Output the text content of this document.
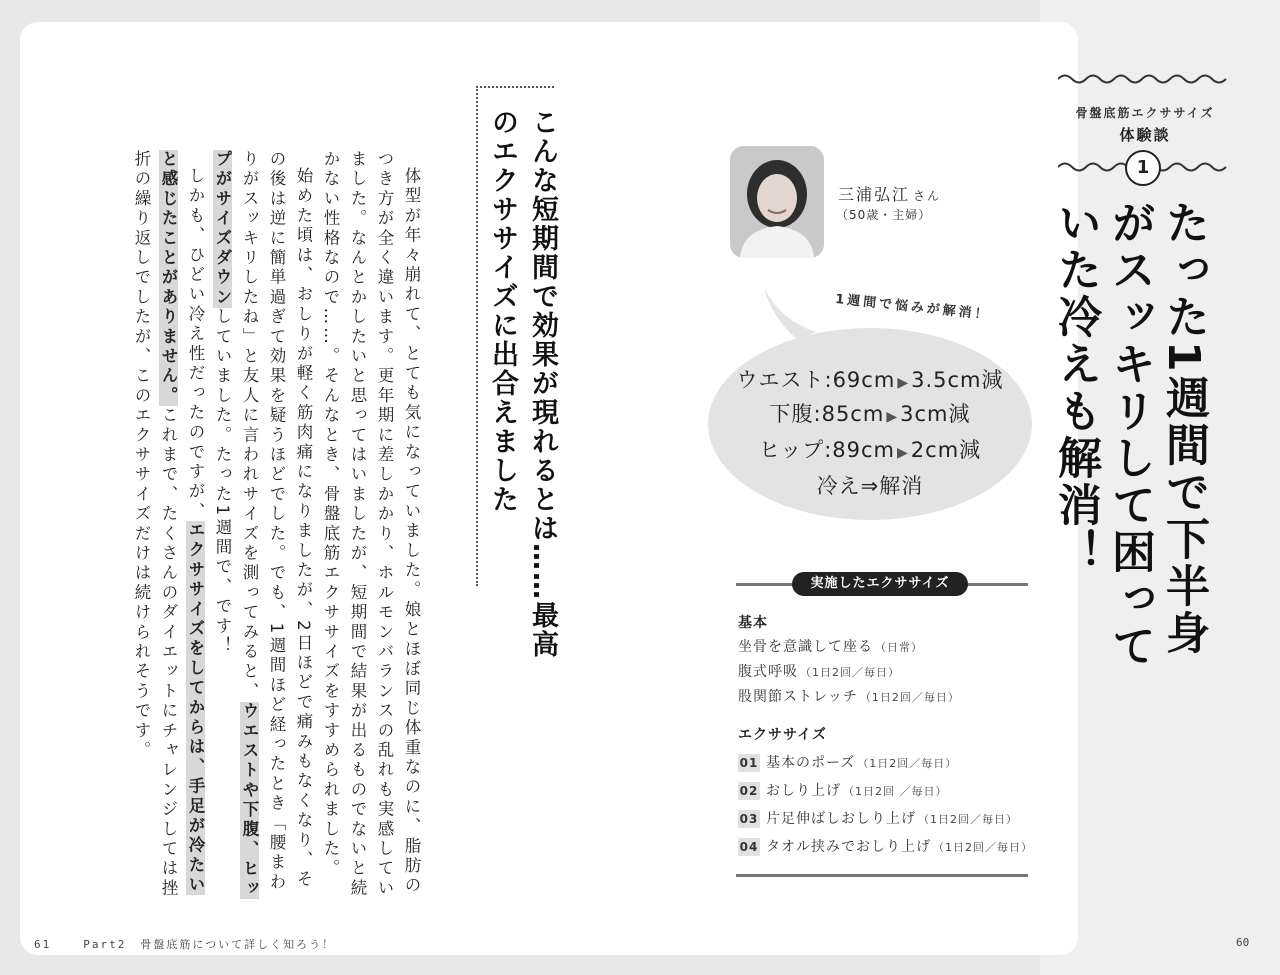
体型が年々崩れて、とても気になっていました。娘とほぼ同じ体重なのに、脂肪のつき方が全く違います。更年期に差しかかり、ホルモンバランスの乱れも実感していました。なんとかしたいと思ってはいましたが、短期間で結果が出るものでないと続かない性格なので……。そんなとき、骨盤底筋エクササイズをすすめられました。

始めた頃は、おしりが軽く筋肉痛になりましたが、2日ほどで痛みもなくなり、その後は逆に簡単過ぎて効果を疑うほどでした。でも、1週間ほど経ったとき「腰まわりがスッキリしたね」と友人に言われサイズを測ってみると、ウエストや下腹、ヒップがサイズダウンしていました。たった1週間で、です！

しかも、ひどい冷え性だったのですが、エクササイズをしてからは、手足が冷たいと感じたことがありません。これまで、たくさんのダイエットにチャレンジしては挫折の繰り返しでしたが、このエクササイズだけは続けられそうです。	こんな短期間で効果が現れるとは……最高のエクササイズに出合えました	三浦弘江 さん
（50歳・主婦）
1週間で悩みが解消！
ウエスト:69cm ▶3.5cm減
下腹:85cm ▶3cm減
ヒップ:89cm ▶2cm減
冷え⇒解消
実施したエクササイズ
基本
坐骨を意識して座る （日常）
腹式呼吸 （1日2回／毎日）
股関節ストレッチ （1日2回／毎日）
エクササイズ
01 基本のポーズ （1日2回／毎日）
02 おしり上げ （1日2回 ／毎日）
03 片足伸ばしおしり上げ （1日2回／毎日）
04 タオル挟みでおしり上げ （1日2回／毎日）
骨盤底筋エクササイズ
体験談
1
たった1週間で下半身がスッキリして困っていた冷えも解消！
61	Part2 骨盤底筋について詳しく知ろう！	60
